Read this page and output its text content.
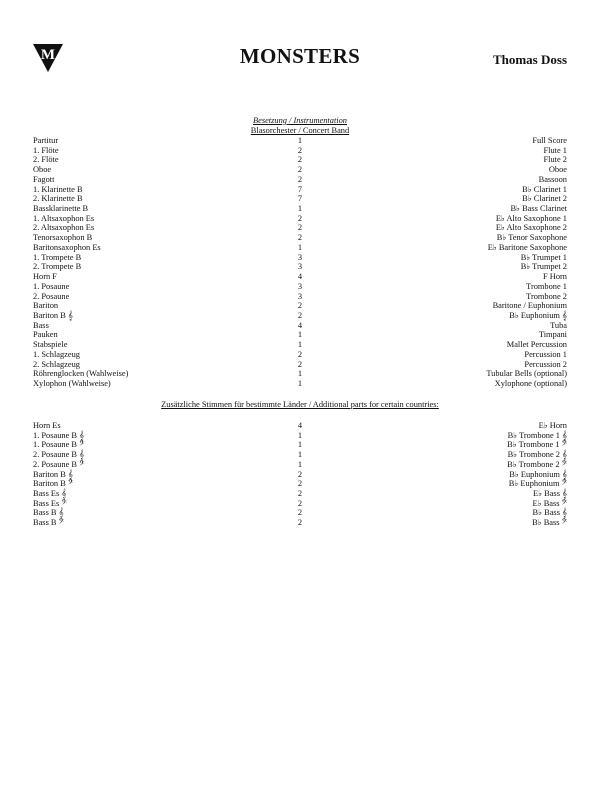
M	MONSTERS	Thomas Doss
Besetzung / Instrumentation
Blasorchester / Concert Band
Partitur	1	Full Score
1. Flöte	2	Flute 1
2. Flöte	2	Flute 2
Oboe	2	Oboe
Fagott	2	Bassoon
1. Klarinette B	7	B♭ Clarinet 1
2. Klarinette B	7	B♭ Clarinet 2
Bassklarinette B	1	B♭ Bass Clarinet
1. Altsaxophon Es	2	E♭ Alto Saxophone 1
2. Altsaxophon Es	2	E♭ Alto Saxophone 2
Tenorsaxophon B	2	B♭ Tenor Saxophone
Baritonsaxophon Es	1	E♭ Baritone Saxophone
1. Trompete B	3	B♭ Trumpet 1
2. Trompete B	3	B♭ Trumpet 2
Horn F	4	F Horn
1. Posaune	3	Trombone 1
2. Posaune	3	Trombone 2
Bariton	2	Baritone / Euphonium
Bariton B 𝄞	2	B♭ Euphonium 𝄞
Bass	4	Tuba
Pauken	1	Timpani
Stabspiele	1	Mallet Percussion
1. Schlagzeug	2	Percussion 1
2. Schlagzeug	2	Percussion 2
Röhrenglocken (Wahlweise)	1	Tubular Bells (optional)
Xylophon (Wahlweise)	1	Xylophone (optional)
Zusätzliche Stimmen für bestimmte Länder / Additional parts for certain countries:
Horn Es	4	E♭ Horn
1. Posaune B 𝄞	1	B♭ Trombone 1 𝄞
1. Posaune B 𝄢	1	B♭ Trombone 1 𝄢
2. Posaune B 𝄞	1	B♭ Trombone 2 𝄞
2. Posaune B 𝄢	1	B♭ Trombone 2 𝄢
Bariton B 𝄞	2	B♭ Euphonium 𝄞
Bariton B 𝄢	2	B♭ Euphonium 𝄢
Bass Es 𝄞	2	E♭ Bass 𝄞
Bass Es 𝄢	2	E♭ Bass 𝄢
Bass B 𝄞	2	B♭ Bass 𝄞
Bass B 𝄢	2	B♭ Bass 𝄢
